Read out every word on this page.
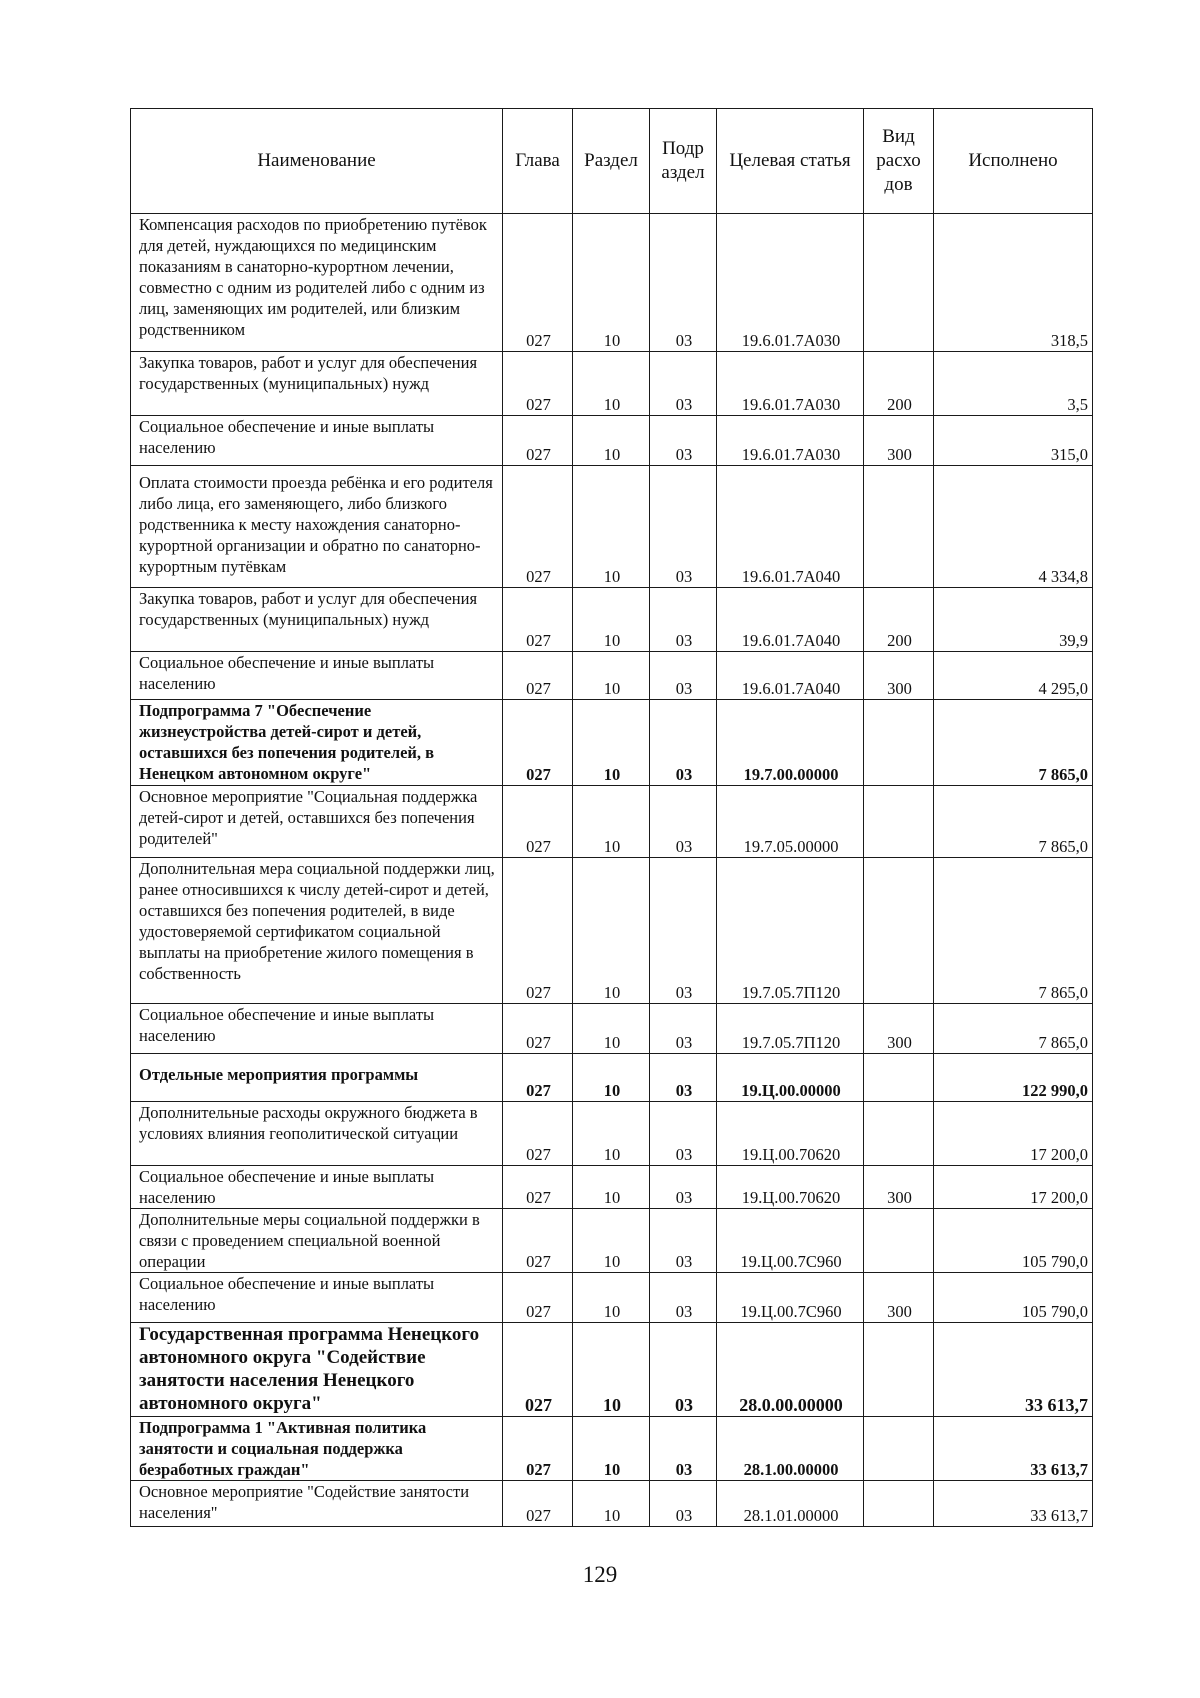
Наименование	Глава	Раздел	Подр аздел	Целевая статья	Вид расхо дов	Исполнено
Компенсация расходов по приобретению путёвок для детей, нуждающихся по медицинским показаниям в санаторно-курортном лечении, совместно с одним из родителей либо с одним из лиц, заменяющих им родителей, или близким родственником	027	10	03	19.6.01.7А030		318,5
Закупка товаров, работ и услуг для обеспечения государственных (муниципальных) нужд	027	10	03	19.6.01.7А030	200	3,5
Социальное обеспечение и иные выплаты населению	027	10	03	19.6.01.7А030	300	315,0
Оплата стоимости проезда ребёнка и его родителя либо лица, его заменяющего, либо близкого родственника к месту нахождения санаторно-курортной организации и обратно по санаторно-курортным путёвкам	027	10	03	19.6.01.7А040		4 334,8
Закупка товаров, работ и услуг для обеспечения государственных (муниципальных) нужд	027	10	03	19.6.01.7А040	200	39,9
Социальное обеспечение и иные выплаты населению	027	10	03	19.6.01.7А040	300	4 295,0
Подпрограмма 7 "Обеспечение жизнеустройства детей-сирот и детей, оставшихся без попечения родителей, в Ненецком автономном округе"	027	10	03	19.7.00.00000		7 865,0
Основное мероприятие "Социальная поддержка детей-сирот и детей, оставшихся без попечения родителей"	027	10	03	19.7.05.00000		7 865,0
Дополнительная мера социальной поддержки лиц, ранее относившихся к числу детей-сирот и детей, оставшихся без попечения родителей, в виде удостоверяемой сертификатом социальной выплаты на приобретение жилого помещения в собственность	027	10	03	19.7.05.7П120		7 865,0
Социальное обеспечение и иные выплаты населению	027	10	03	19.7.05.7П120	300	7 865,0
Отдельные мероприятия программы	027	10	03	19.Ц.00.00000		122 990,0
Дополнительные расходы окружного бюджета в условиях влияния геополитической ситуации	027	10	03	19.Ц.00.70620		17 200,0
Социальное обеспечение и иные выплаты населению	027	10	03	19.Ц.00.70620	300	17 200,0
Дополнительные меры социальной поддержки в связи с проведением специальной военной операции	027	10	03	19.Ц.00.7С960		105 790,0
Социальное обеспечение и иные выплаты населению	027	10	03	19.Ц.00.7С960	300	105 790,0
Государственная программа Ненецкого автономного округа "Содействие занятости населения Ненецкого автономного округа"	027	10	03	28.0.00.00000		33 613,7
Подпрограмма 1 "Активная политика занятости и социальная поддержка безработных граждан"	027	10	03	28.1.00.00000		33 613,7
Основное мероприятие "Содействие занятости населения"	027	10	03	28.1.01.00000		33 613,7
129
